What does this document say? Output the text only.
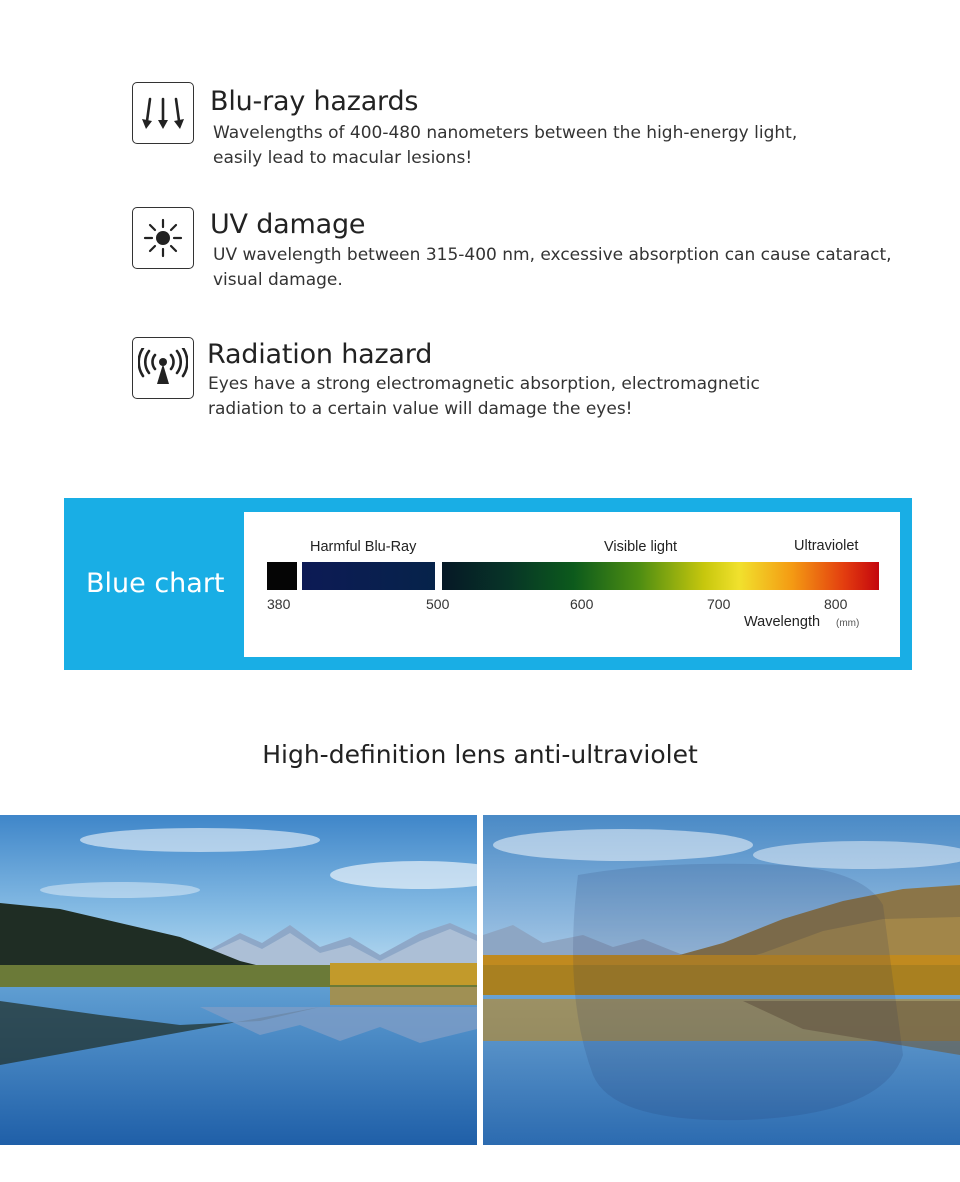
Blu-ray hazards
Wavelengths of 400-480 nanometers between the high-energy light,
easily lead to macular lesions!
UV damage
UV wavelength between 315-400 nm, excessive absorption can cause cataract,
visual damage.
Radiation hazard
Eyes have a strong electromagnetic absorption, electromagnetic
radiation to a certain value will damage the eyes!
Blue chart
Harmful Blu-Ray	Visible light	Ultraviolet
380	500	600	700	800
Wavelength (mm)
High-definition lens anti-ultraviolet
